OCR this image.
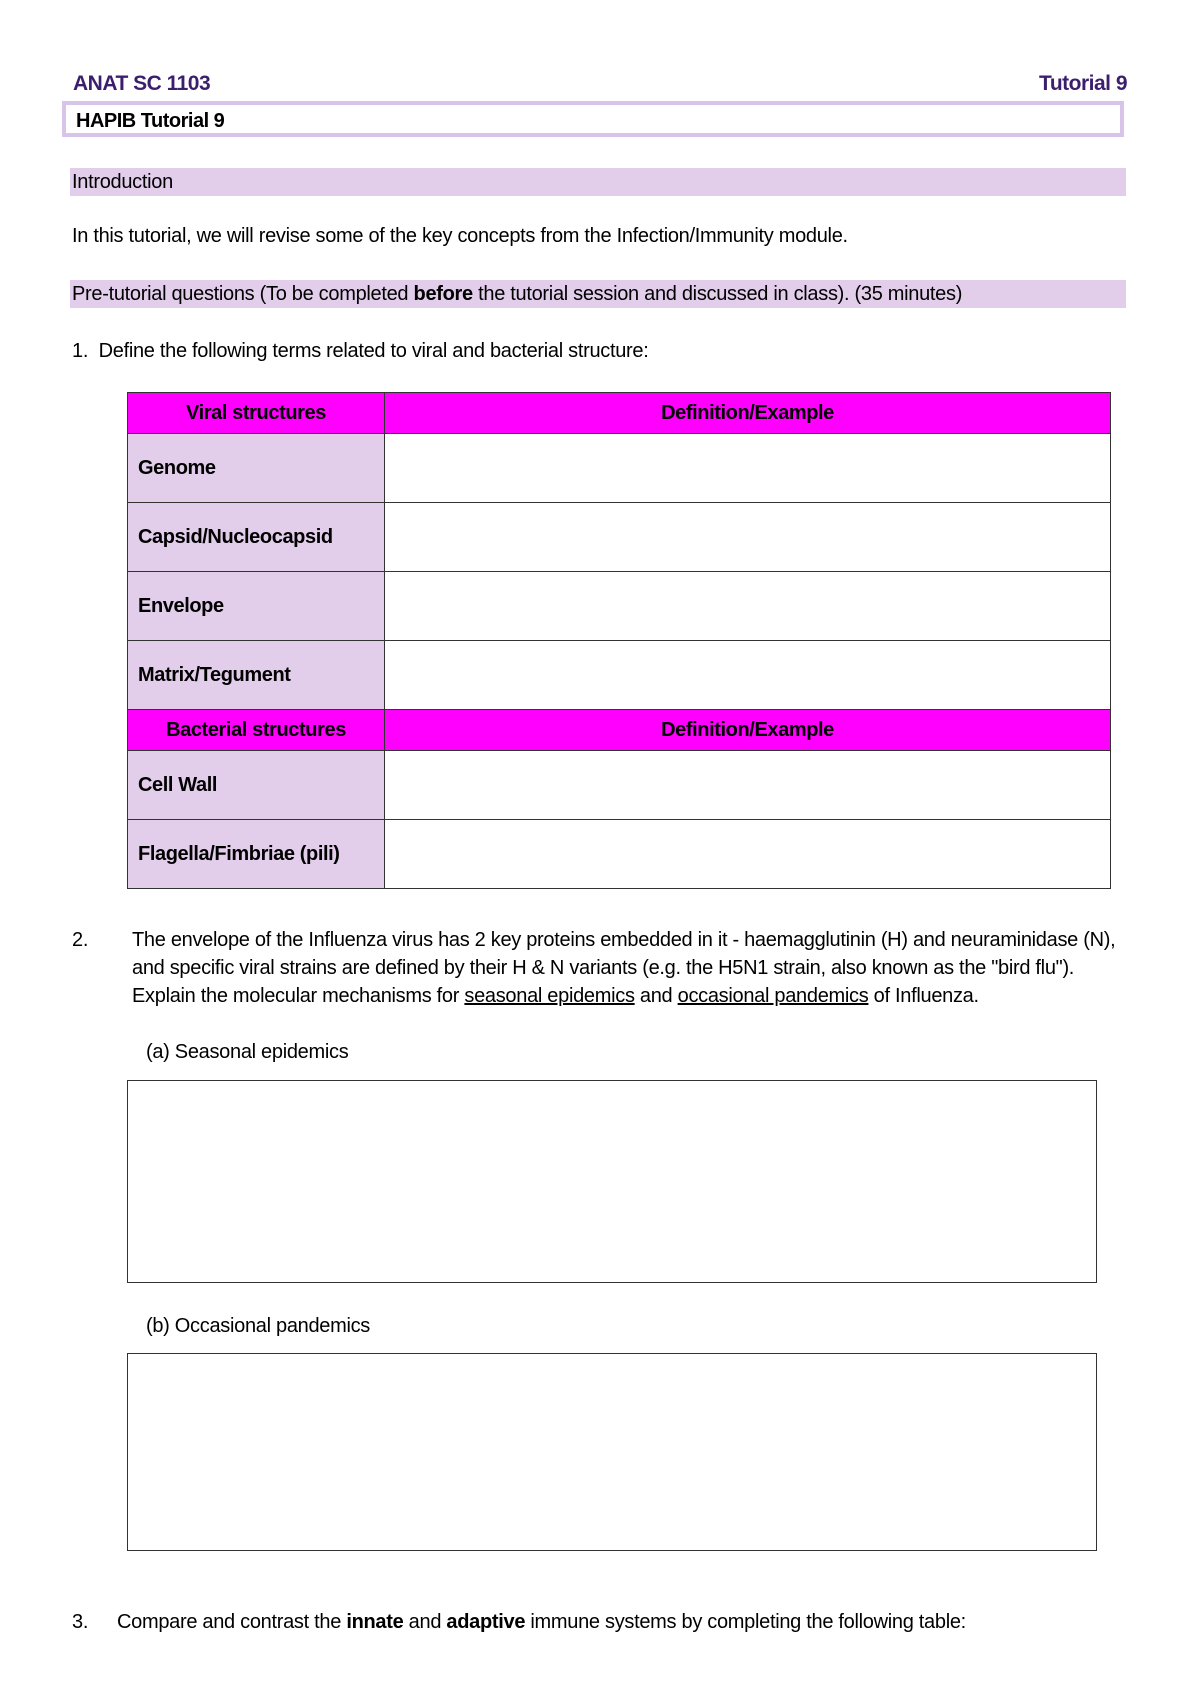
ANAT SC 1103	Tutorial 9
HAPIB Tutorial 9
Introduction
In this tutorial, we will revise some of the key concepts from the Infection/Immunity module.
Pre-tutorial questions (To be completed before the tutorial session and discussed in class). (35 minutes)
1. Define the following terms related to viral and bacterial structure:
Viral structures	Definition/Example
Genome	
Capsid/Nucleocapsid	
Envelope	
Matrix/Tegument	
Bacterial structures	Definition/Example
Cell Wall	
Flagella/Fimbriae (pili)	
2. The envelope of the Influenza virus has 2 key proteins embedded in it - haemagglutinin (H) and neuraminidase (N), and specific viral strains are defined by their H & N variants (e.g. the H5N1 strain, also known as the "bird flu"). Explain the molecular mechanisms for seasonal epidemics and occasional pandemics of Influenza.
(a) Seasonal epidemics
(b) Occasional pandemics
3. Compare and contrast the innate and adaptive immune systems by completing the following table:
